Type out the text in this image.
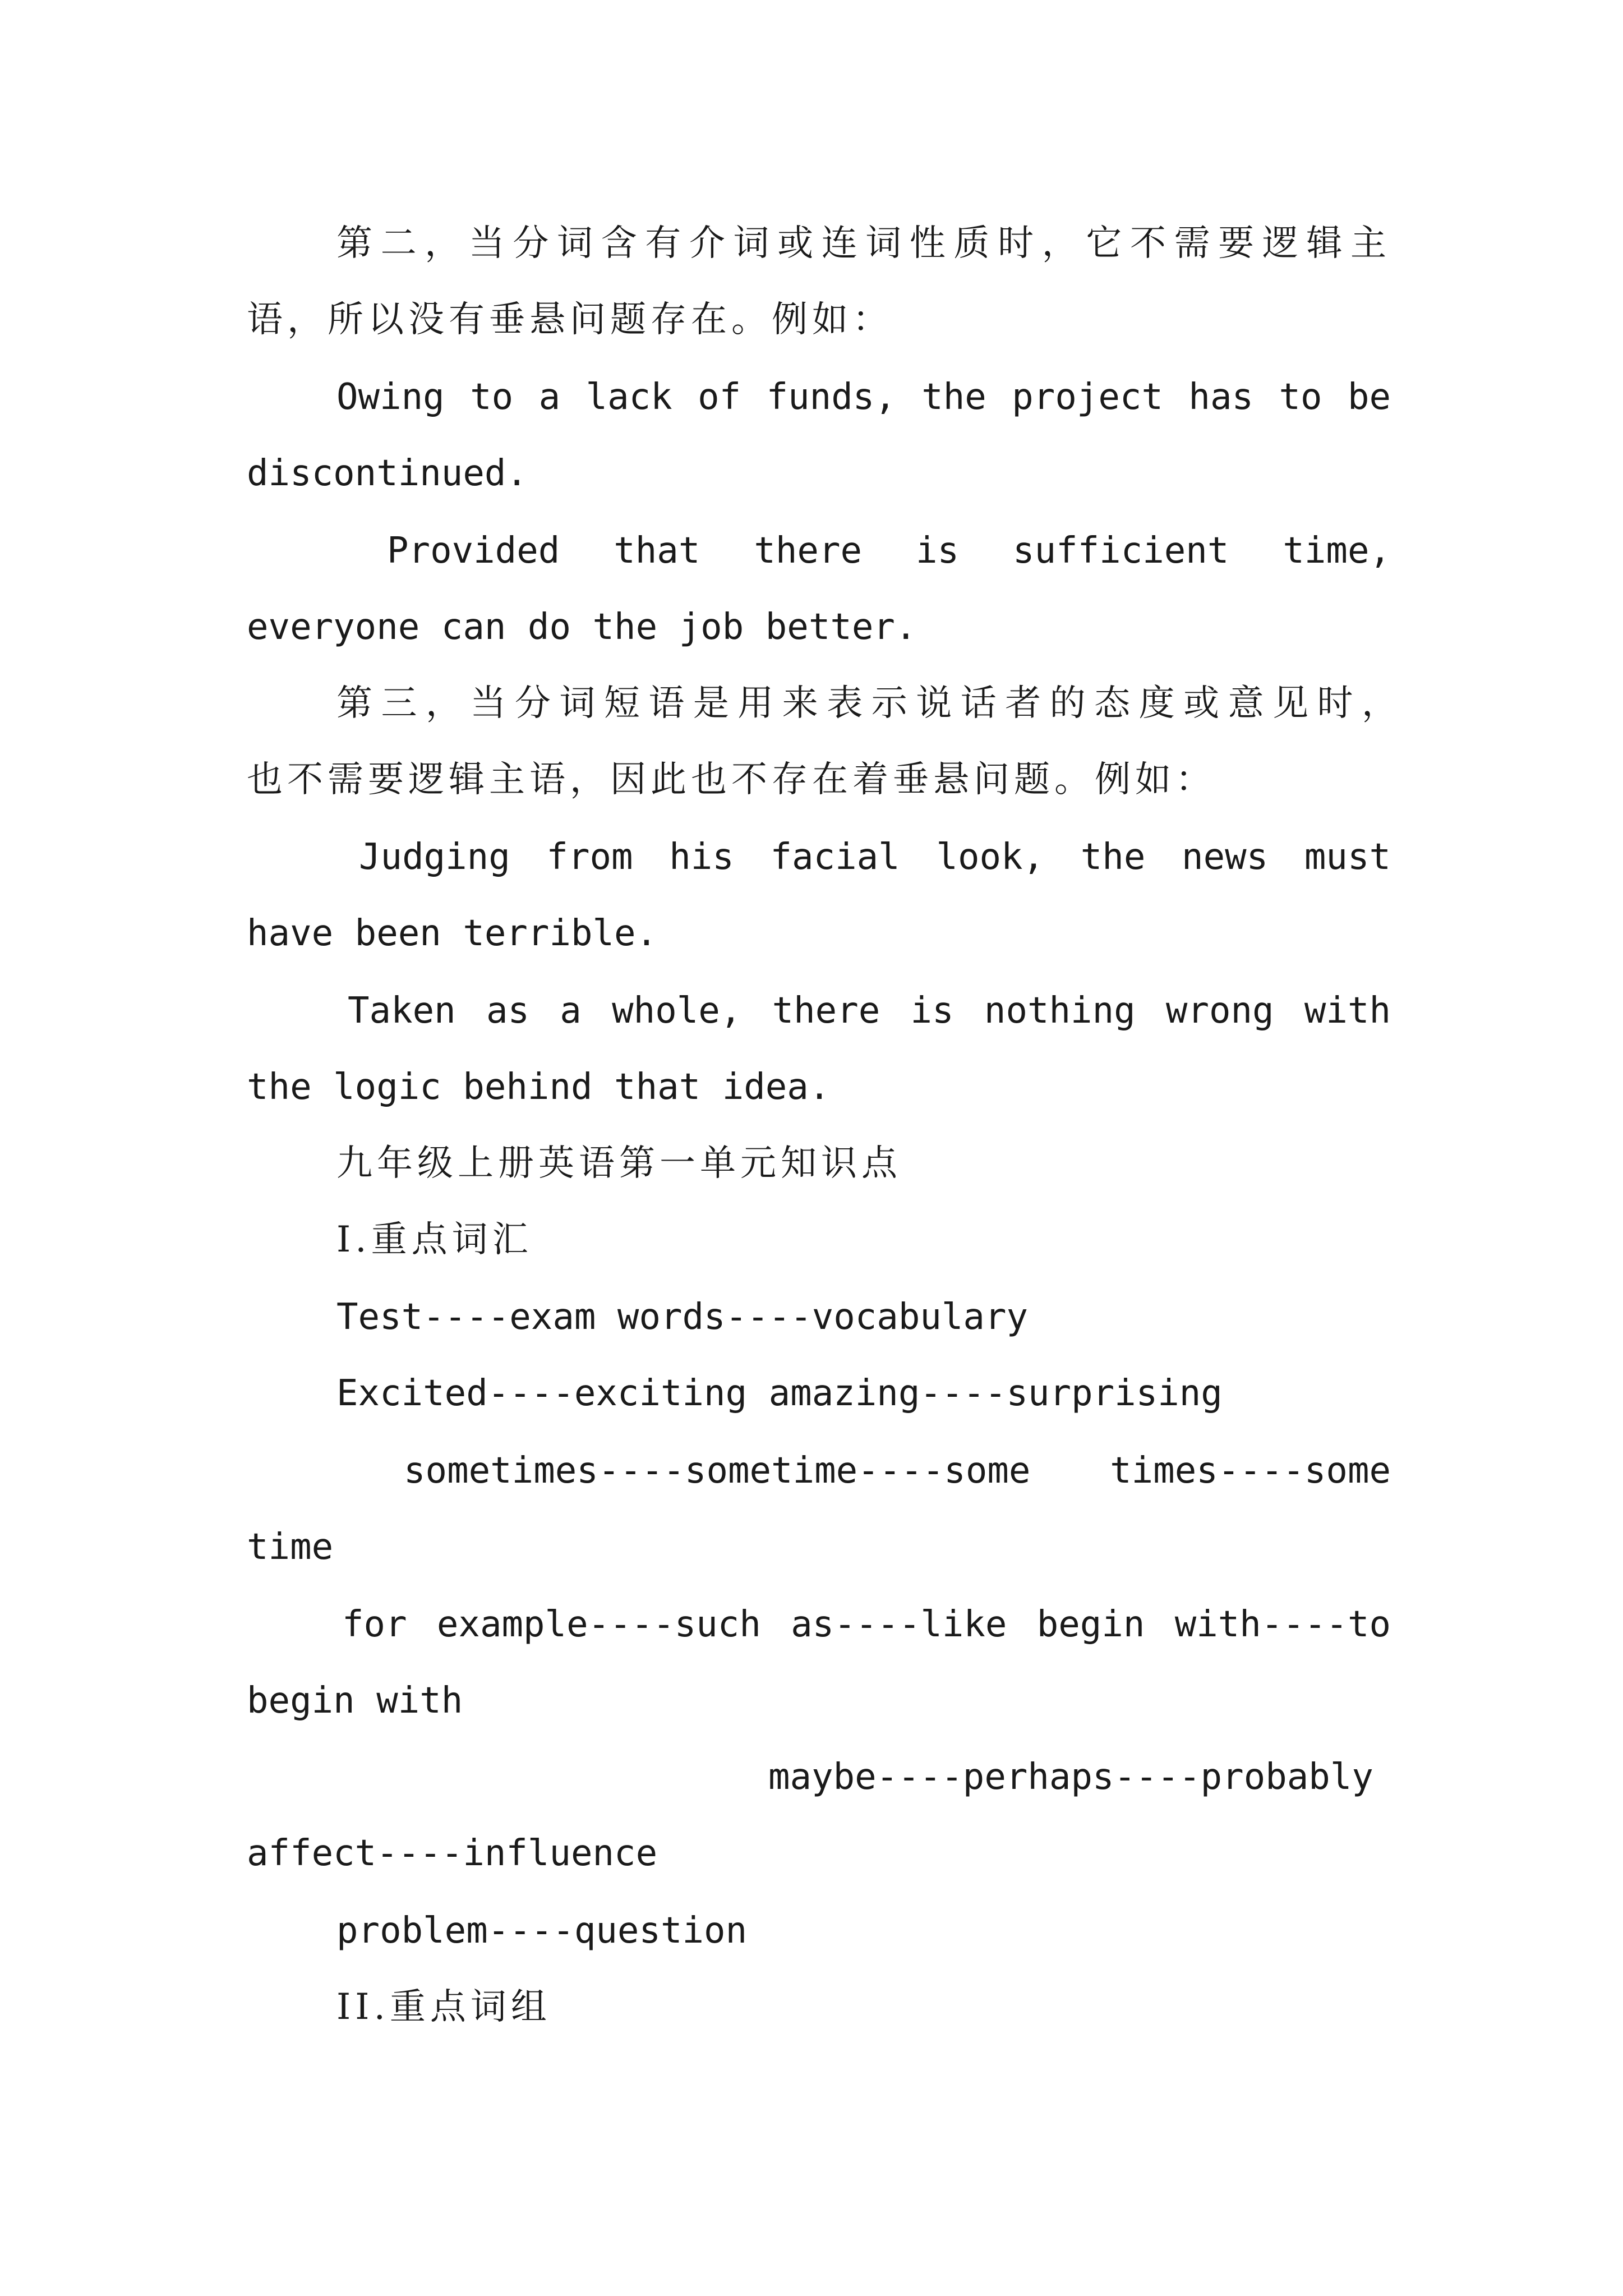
第二，当分词含有介词或连词性质时，它不需要逻辑主

语，所以没有垂悬问题存在。例如：

Owing to a lack of funds, the project has to be

discontinued.

Provided that there is sufficient time,

everyone can do the job better.

第三，当分词短语是用来表示说话者的态度或意见时，

也不需要逻辑主语，因此也不存在着垂悬问题。例如：

Judging from his facial look, the news must

have been terrible.

Taken as a whole, there is nothing wrong with

the logic behind that idea.

九年级上册英语第一单元知识点

I.重点词汇

Test----exam words----vocabulary

Excited----exciting amazing----surprising

sometimes----sometime----some times----some

time

for example----such as----like begin with----to

begin with

maybe----perhaps----probably

affect----influence

problem----question

II.重点词组
